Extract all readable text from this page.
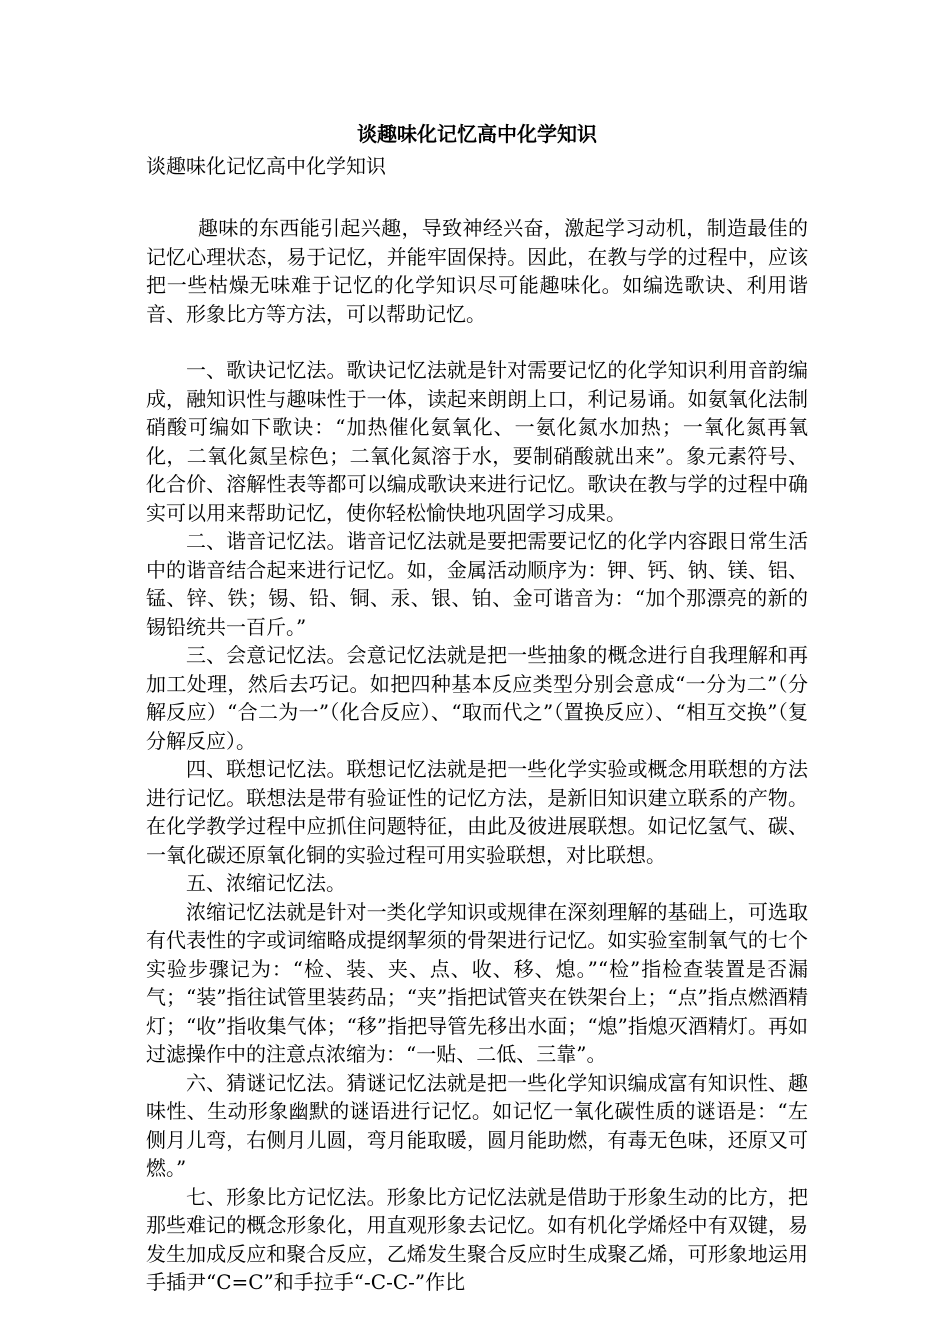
谈趣味化记忆高中化学知识

谈趣味化记忆高中化学知识

趣味的东西能引起兴趣，导致神经兴奋，激起学习动机，制造最佳的记忆心理状态，易于记忆，并能牢固保持。因此，在教与学的过程中，应该把一些枯燥无味难于记忆的化学知识尽可能趣味化。如编选歌诀、利用谐音、形象比方等方法，可以帮助记忆。

一、歌诀记忆法。歌诀记忆法就是针对需要记忆的化学知识利用音韵编成，融知识性与趣味性于一体，读起来朗朗上口，利记易诵。如氨氧化法制硝酸可编如下歌诀：“加热催化氨氧化、一氨化氮水加热；一氧化氮再氧化，二氧化氮呈棕色；二氧化氮溶于水，要制硝酸就出来”。象元素符号、化合价、溶解性表等都可以编成歌诀来进行记忆。歌诀在教与学的过程中确实可以用来帮助记忆，使你轻松愉快地巩固学习成果。

二、谐音记忆法。谐音记忆法就是要把需要记忆的化学内容跟日常生活中的谐音结合起来进行记忆。如，金属活动顺序为：钾、钙、钠、镁、铝、锰、锌、铁；锡、铅、铜、汞、银、铂、金可谐音为：“加个那漂亮的新的锡铅统共一百斤。”

三、会意记忆法。会意记忆法就是把一些抽象的概念进行自我理解和再加工处理，然后去巧记。如把四种基本反应类型分别会意成“一分为二”（分解反应）“合二为一”（化合反应）、“取而代之”（置换反应）、“相互交换”（复分解反应）。

四、联想记忆法。联想记忆法就是把一些化学实验或概念用联想的方法进行记忆。联想法是带有验证性的记忆方法，是新旧知识建立联系的产物。在化学教学过程中应抓住问题特征，由此及彼进展联想。如记忆氢气、碳、一氧化碳还原氧化铜的实验过程可用实验联想，对比联想。

五、浓缩记忆法。

浓缩记忆法就是针对一类化学知识或规律在深刻理解的基础上，可选取有代表性的字或词缩略成提纲挈须的骨架进行记忆。如实验室制氧气的七个实验步骤记为：“检、装、夹、点、收、移、熄。”“检”指检查装置是否漏气；“装”指往试管里装药品；“夹”指把试管夹在铁架台上；“点”指点燃酒精灯；“收”指收集气体；“移”指把导管先移出水面；“熄”指熄灭酒精灯。再如过滤操作中的注意点浓缩为：“一贴、二低、三靠”。

六、猜谜记忆法。猜谜记忆法就是把一些化学知识编成富有知识性、趣味性、生动形象幽默的谜语进行记忆。如记忆一氧化碳性质的谜语是：“左侧月儿弯，右侧月儿圆，弯月能取暖，圆月能助燃，有毒无色味，还原又可燃。”

七、形象比方记忆法。形象比方记忆法就是借助于形象生动的比方，把那些难记的概念形象化，用直观形象去记忆。如有机化学烯烃中有双键，易发生加成反应和聚合反应，乙烯发生聚合反应时生成聚乙烯，可形象地运用手插尹“C=C”和手拉手“-C-C-”作比
